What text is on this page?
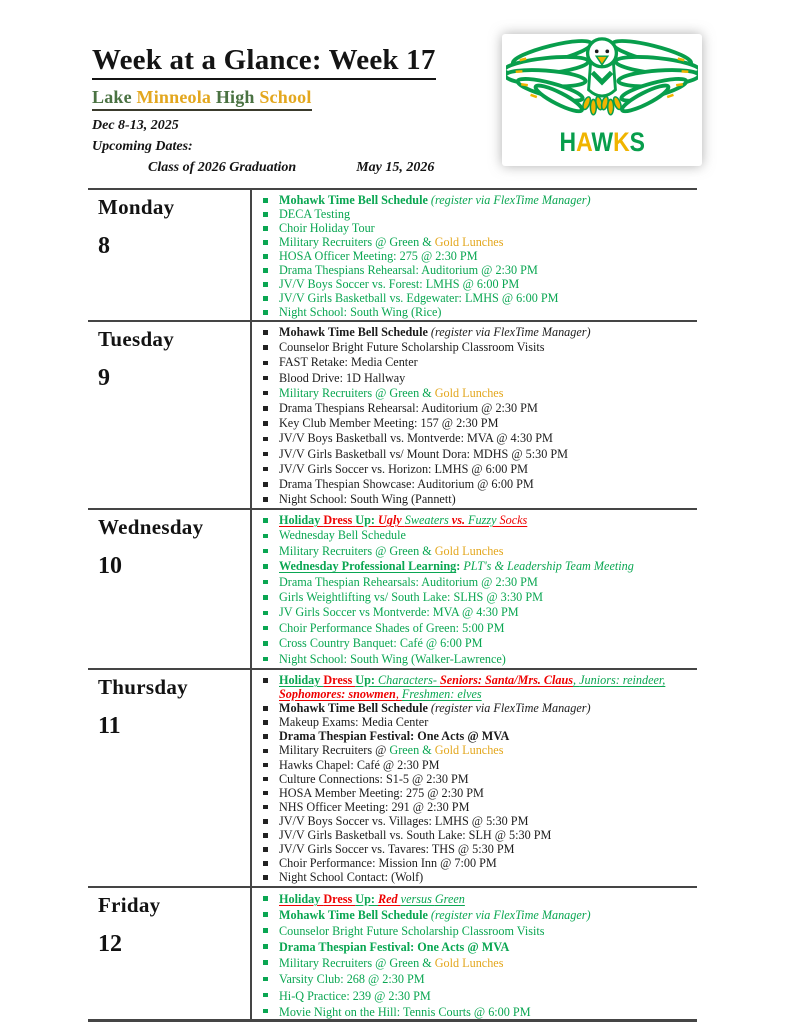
Week at a Glance: Week 17
Lake Minneola High School
Dec 8-13, 2025
Upcoming Dates:
Class of 2026 Graduation	May 15, 2026
HAWKS
Monday
8
Mohawk Time Bell Schedule (register via FlexTime Manager)
DECA Testing
Choir Holiday Tour
Military Recruiters @ Green & Gold Lunches
HOSA Officer Meeting: 275 @ 2:30 PM
Drama Thespians Rehearsal: Auditorium @ 2:30 PM
JV/V Boys Soccer vs. Forest: LMHS @ 6:00 PM
JV/V Girls Basketball vs. Edgewater: LMHS @ 6:00 PM
Night School: South Wing (Rice)
Tuesday
9
Mohawk Time Bell Schedule (register via FlexTime Manager)
Counselor Bright Future Scholarship Classroom Visits
FAST Retake: Media Center
Blood Drive: 1D Hallway
Military Recruiters @ Green & Gold Lunches
Drama Thespians Rehearsal: Auditorium @ 2:30 PM
Key Club Member Meeting: 157 @ 2:30 PM
JV/V Boys Basketball vs. Montverde: MVA @ 4:30 PM
JV/V Girls Basketball vs/ Mount Dora: MDHS @ 5:30 PM
JV/V Girls Soccer vs. Horizon: LMHS @ 6:00 PM
Drama Thespian Showcase: Auditorium @ 6:00 PM
Night School: South Wing (Pannett)
Wednesday
10
Holiday Dress Up: Ugly Sweaters vs. Fuzzy Socks
Wednesday Bell Schedule
Military Recruiters @ Green & Gold Lunches
Wednesday Professional Learning: PLT's & Leadership Team Meeting
Drama Thespian Rehearsals: Auditorium @ 2:30 PM
Girls Weightlifting vs/ South Lake: SLHS @ 3:30 PM
JV Girls Soccer vs Montverde: MVA @ 4:30 PM
Choir Performance Shades of Green: 5:00 PM
Cross Country Banquet: Café @ 6:00 PM
Night School: South Wing (Walker-Lawrence)
Thursday
11
Holiday Dress Up: Characters- Seniors: Santa/Mrs. Claus, Juniors: reindeer, Sophomores: snowmen, Freshmen: elves
Mohawk Time Bell Schedule (register via FlexTime Manager)
Makeup Exams: Media Center
Drama Thespian Festival: One Acts @ MVA
Military Recruiters @ Green & Gold Lunches
Hawks Chapel: Café @ 2:30 PM
Culture Connections: S1-5 @ 2:30 PM
HOSA Member Meeting: 275 @ 2:30 PM
NHS Officer Meeting: 291 @ 2:30 PM
JV/V Boys Soccer vs. Villages: LMHS @ 5:30 PM
JV/V Girls Basketball vs. South Lake: SLH @ 5:30 PM
JV/V Girls Soccer vs. Tavares: THS @ 5:30 PM
Choir Performance: Mission Inn @ 7:00 PM
Night School Contact: (Wolf)
Friday
12
Holiday Dress Up: Red versus Green
Mohawk Time Bell Schedule (register via FlexTime Manager)
Counselor Bright Future Scholarship Classroom Visits
Drama Thespian Festival: One Acts @ MVA
Military Recruiters @ Green & Gold Lunches
Varsity Club: 268 @ 2:30 PM
Hi-Q Practice: 239 @ 2:30 PM
Movie Night on the Hill: Tennis Courts @ 6:00 PM
